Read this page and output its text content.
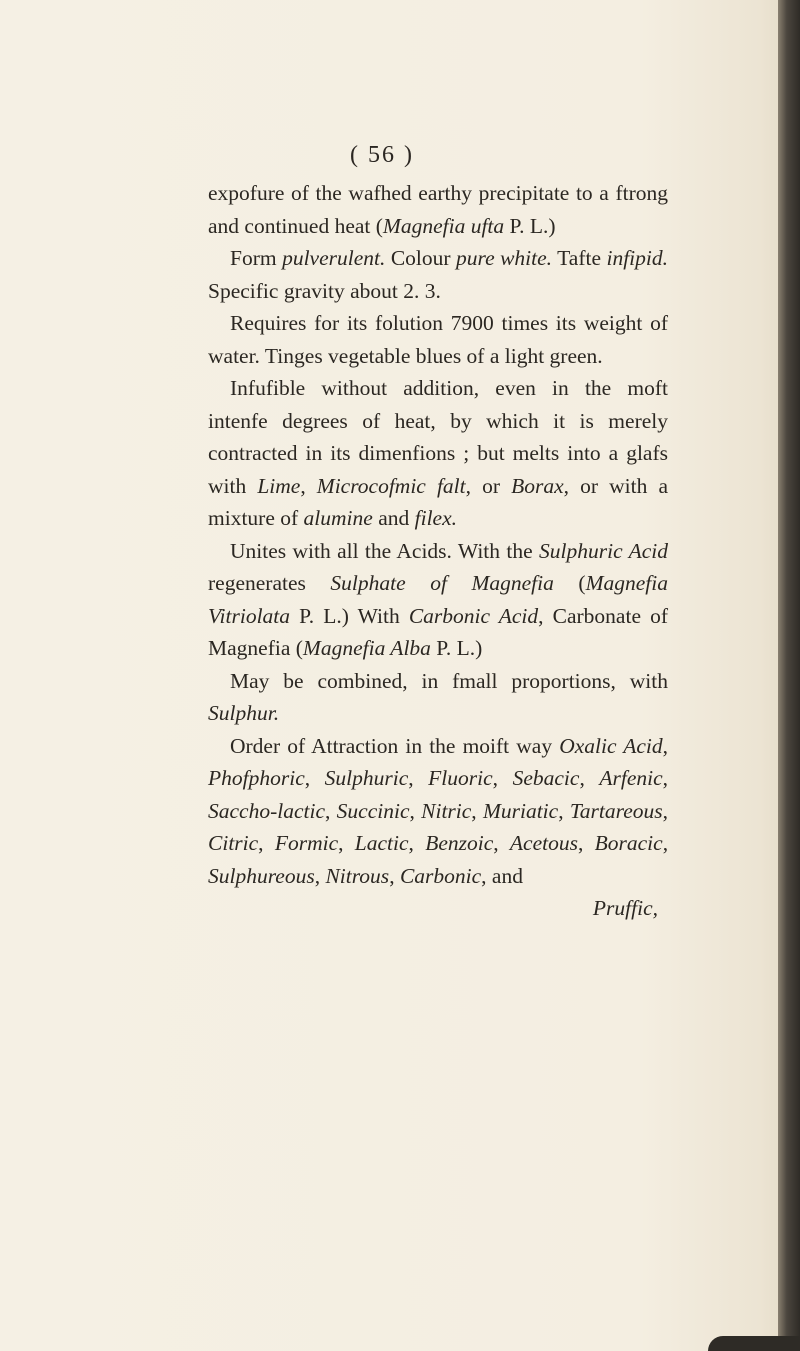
( 56 )

expofure of the wafhed earthy precipitate to a ftrong and continued heat (Magnefia ufta P. L.)

Form pulverulent. Colour pure white. Tafte infipid. Specific gravity about 2. 3.

Requires for its folution 7900 times its weight of water. Tinges vegetable blues of a light green.

Infufible without addition, even in the moft intenfe degrees of heat, by which it is merely contracted in its dimenfions ; but melts into a glafs with Lime, Microcofmic falt, or Borax, or with a mixture of alumine and filex.

Unites with all the Acids. With the Sulphuric Acid regenerates Sulphate of Magnefia (Magnefia Vitriolata P. L.) With Carbonic Acid, Carbonate of Magnefia (Magnefia Alba P. L.)

May be combined, in fmall proportions, with Sulphur.

Order of Attraction in the moift way Oxalic Acid, Phofphoric, Sulphuric, Fluoric, Sebacic, Arfenic, Saccho-lactic, Succinic, Nitric, Muriatic, Tartareous, Citric, Formic, Lactic, Benzoic, Acetous, Boracic, Sulphureous, Nitrous, Carbonic, and

Pruffic,
